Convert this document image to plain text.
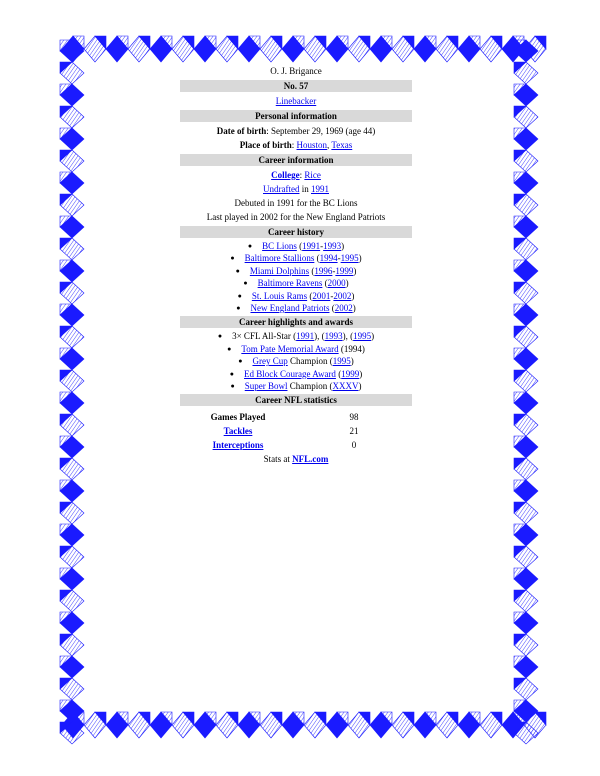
O. J. Brigance
No. 57
Linebacker
Personal information
Date of birth: September 29, 1969 (age 44)
Place of birth: Houston, Texas
Career information
College: Rice
Undrafted in 1991
Debuted in 1991 for the BC Lions
Last played in 2002 for the New England Patriots
Career history
● BC Lions (1991-1993)
● Baltimore Stallions (1994-1995)
● Miami Dolphins (1996-1999)
● Baltimore Ravens (2000)
● St. Louis Rams (2001-2002)
● New England Patriots (2002)
Career highlights and awards
● 3× CFL All-Star (1991), (1993), (1995)
● Tom Pate Memorial Award (1994)
● Grey Cup Champion (1995)
● Ed Block Courage Award (1999)
● Super Bowl Champion (XXXV)
Career NFL statistics
Games Played	98
Tackles	21
Interceptions	0
Stats at NFL.com
